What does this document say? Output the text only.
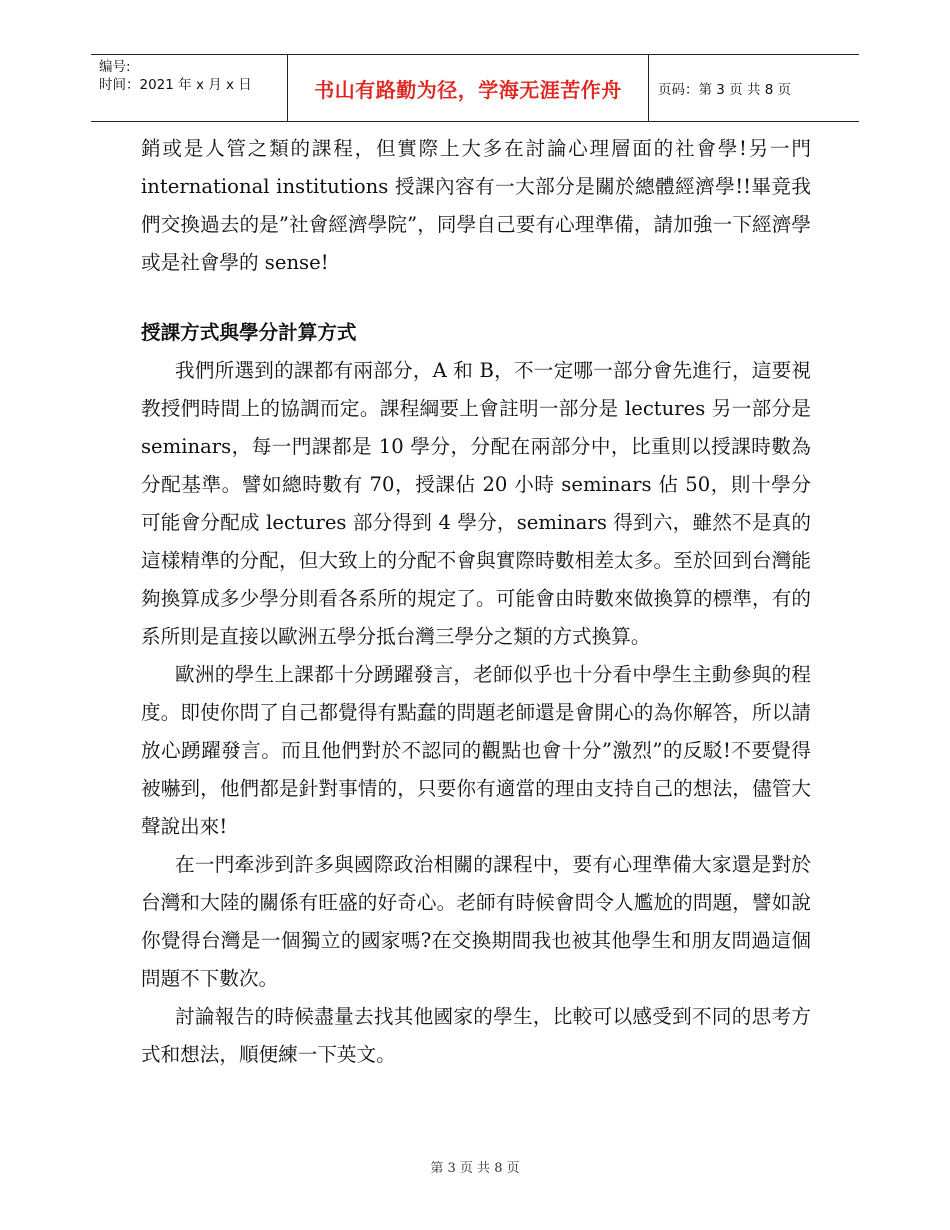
编号:
时间：2021 年 x 月 x 日	书山有路勤为径，学海无涯苦作舟	页码：第 3 页 共 8 页

銷或是人管之類的課程，但實際上大多在討論心理層面的社會學!另一門 international institutions 授課內容有一大部分是關於總體經濟學!!畢竟我們交換過去的是”社會經濟學院”，同學自己要有心理準備，請加強一下經濟學或是社會學的 sense!

授課方式與學分計算方式

我們所選到的課都有兩部分，A 和 B，不一定哪一部分會先進行，這要視教授們時間上的協調而定。課程綱要上會註明一部分是 lectures 另一部分是 seminars，每一門課都是 10 學分，分配在兩部分中，比重則以授課時數為分配基準。譬如總時數有 70，授課佔 20 小時 seminars 佔 50，則十學分可能會分配成 lectures 部分得到 4 學分，seminars 得到六，雖然不是真的這樣精準的分配，但大致上的分配不會與實際時數相差太多。至於回到台灣能夠換算成多少學分則看各系所的規定了。可能會由時數來做換算的標準，有的系所則是直接以歐洲五學分抵台灣三學分之類的方式換算。

歐洲的學生上課都十分踴躍發言，老師似乎也十分看中學生主動參與的程度。即使你問了自己都覺得有點蠢的問題老師還是會開心的為你解答，所以請放心踴躍發言。而且他們對於不認同的觀點也會十分”激烈”的反駁!不要覺得被嚇到，他們都是針對事情的，只要你有適當的理由支持自己的想法，儘管大聲說出來!

在一門牽涉到許多與國際政治相關的課程中，要有心理準備大家還是對於台灣和大陸的關係有旺盛的好奇心。老師有時候會問令人尷尬的問題，譬如說你覺得台灣是一個獨立的國家嗎?在交換期間我也被其他學生和朋友問過這個問題不下數次。

討論報告的時候盡量去找其他國家的學生，比較可以感受到不同的思考方式和想法，順便練一下英文。

第 3 页 共 8 页
